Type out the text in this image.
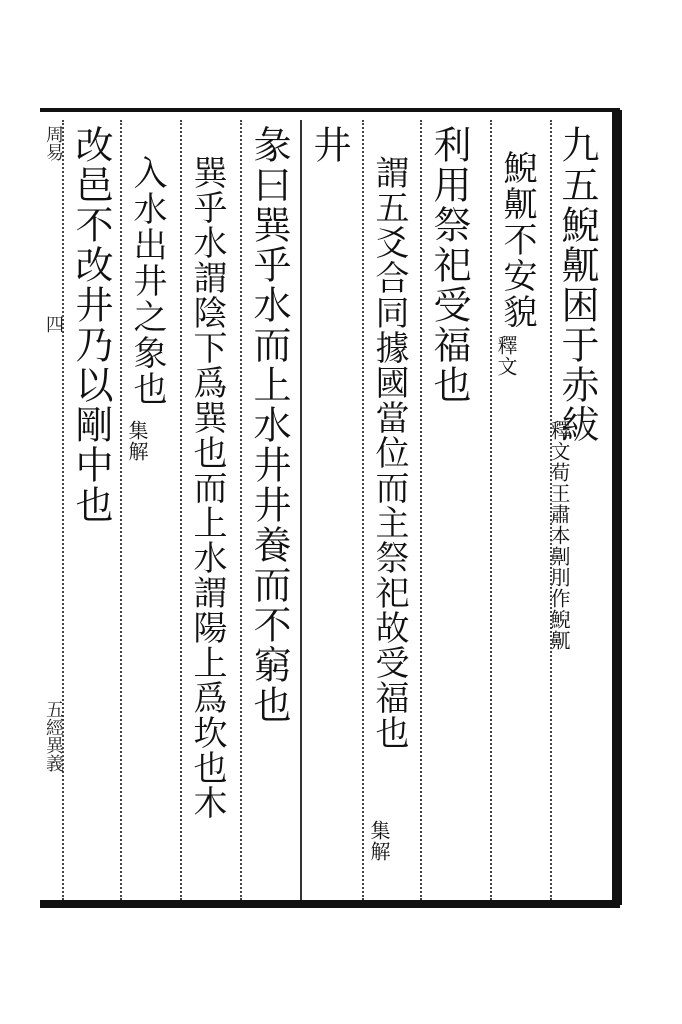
九五鯢鼿困于赤紱
釋文荀王肅本劓刖作鯢鼿
鯢鼿不安貌
釋文
利用祭祀受福也
謂五爻合同據國當位而主祭祀故受福也
集解
井
彖曰巽乎水而上水井井養而不窮也
巽乎水謂陰下爲巽也而上水謂陽上爲坎也木
入水出井之象也
集解
改邑不改井乃以剛中也
周易
四
五經異義
